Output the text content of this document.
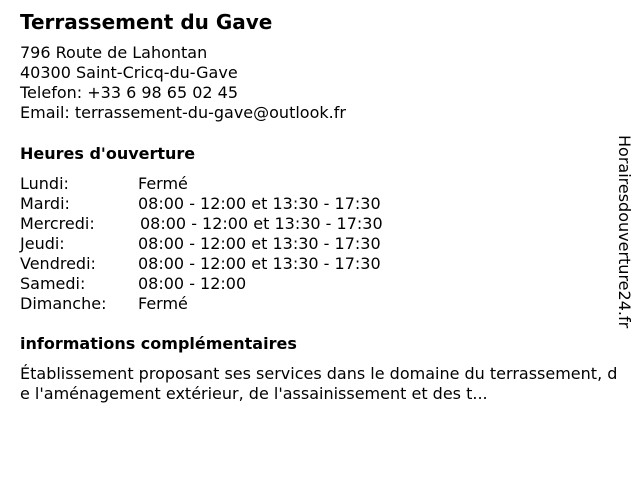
Terrassement du Gave
796 Route de Lahontan
40300 Saint-Cricq-du-Gave
Telefon: +33 6 98 65 02 45
Email: terrassement-du-gave@outlook.fr
Heures d'ouverture
Lundi:	Fermé
Mardi:	08:00 - 12:00 et 13:30 - 17:30
Mercredi:	08:00 - 12:00 et 13:30 - 17:30
Jeudi:	08:00 - 12:00 et 13:30 - 17:30
Vendredi:	08:00 - 12:00 et 13:30 - 17:30
Samedi:	08:00 - 12:00
Dimanche: Fermé
informations complémentaires
Établissement proposant ses services dans le domaine du terrassement, de l'aménagement extérieur, de l'assainissement et des t...
Horairesdouverture24.fr
